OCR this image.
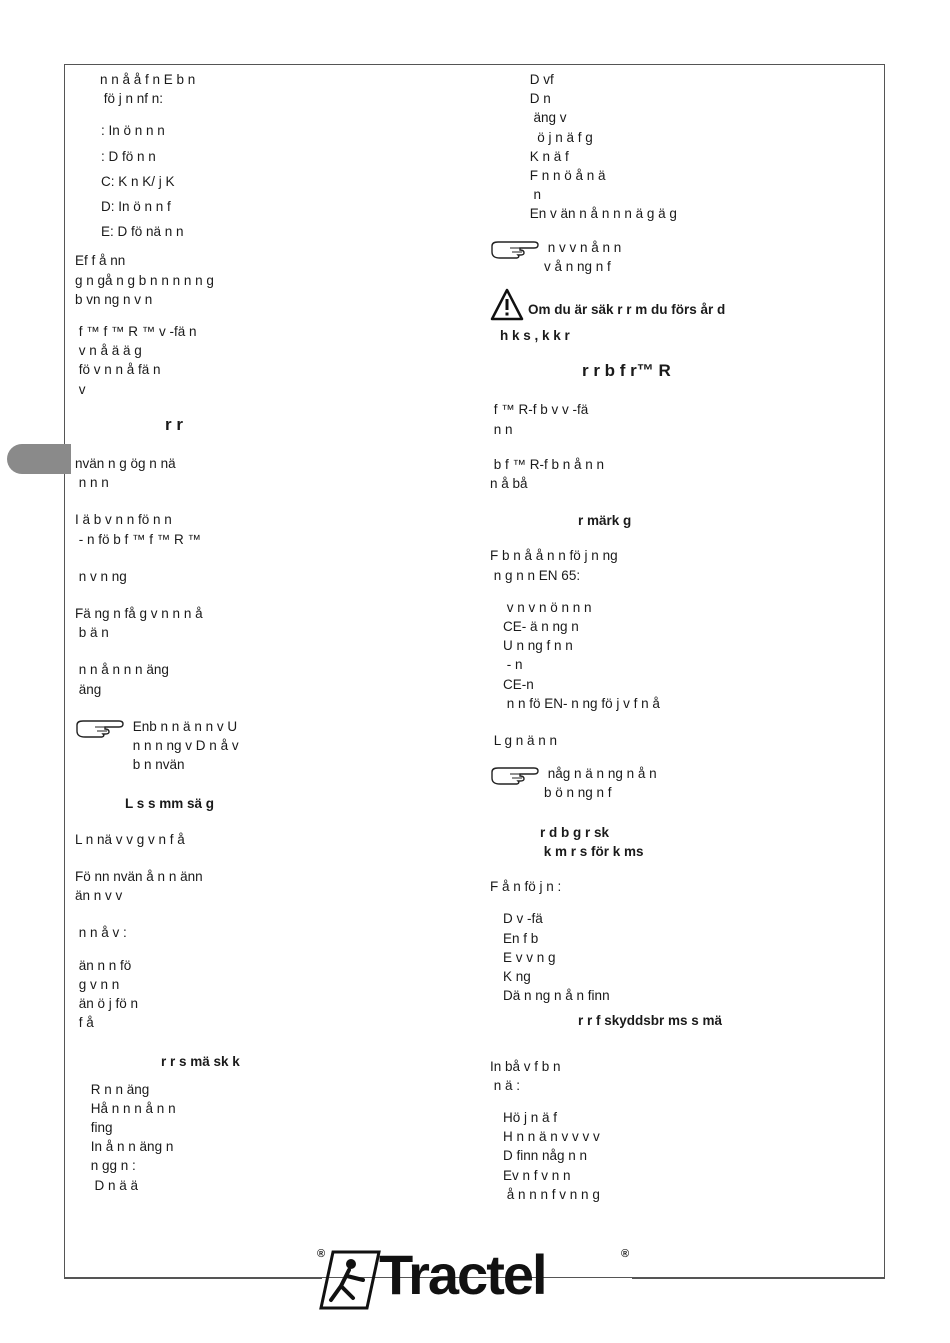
n n å å f n E b n
fö j n nf n:
: In ö n n n
: D fö n n
C: K n K/ j K
D: In ö n n f
E: D fö nä n n
Ef f å nn
g n gå n g b n n n n n g
b vn ng n v n
f ™ f ™ R ™ v -fä n
v n å ä ä g
fö v n n å fä n
v
r r
nvän n g ög n nä
n n n
I ä b v n n fö n n
- n fö b f ™ f ™ R ™
n v n ng
Fä ng n få g v n n n å
b ä n
n n å n n n äng
äng
Enb n n ä n n v U
n n n ng v D n å v
b n nvän
L s s mm sä g
L n nä v v g v n f å
Fö nn nvän å n n änn
än n v v
n n å v :
än n n fö
g v n n
än ö j fö n
f å
r r s mä sk k
R n n äng
Hå n n n å n n
fing
In å n n äng n
n gg n :
D n ä ä
D vf
D n
äng v
ö j n ä f g
K n ä f
F n n ö å n ä
n
En v än n å n n n ä g ä g
n v v n å n n
v å n ng n f
Om du är säk r r m du förs år d
h k s , k k r
r r b f r™ R
f ™ R-f b v v -fä
n n
b f ™ R-f b n å n n
n å bå
r märk g
F b n å å n n fö j n ng
n g n n EN 65:
v n v n ö n n n
CE- ä n ng n
U n ng f n n
- n
CE-n
n n fö EN- n ng fö j v f n å
L g n ä n n
någ n ä n ng n å n
b ö n ng n f
r d b g r sk
k m r s för k ms
F å n fö j n :
D v -fä
En f b
E v v n g
K ng
Dä n ng n å n finn
r r f skyddsbr ms s mä
In bå v f b n
n ä :
Hö j n ä f
H n n ä n v v v v
D finn någ n n
Ev n f v n n
å n n n f v n n g
® Tractel	®
